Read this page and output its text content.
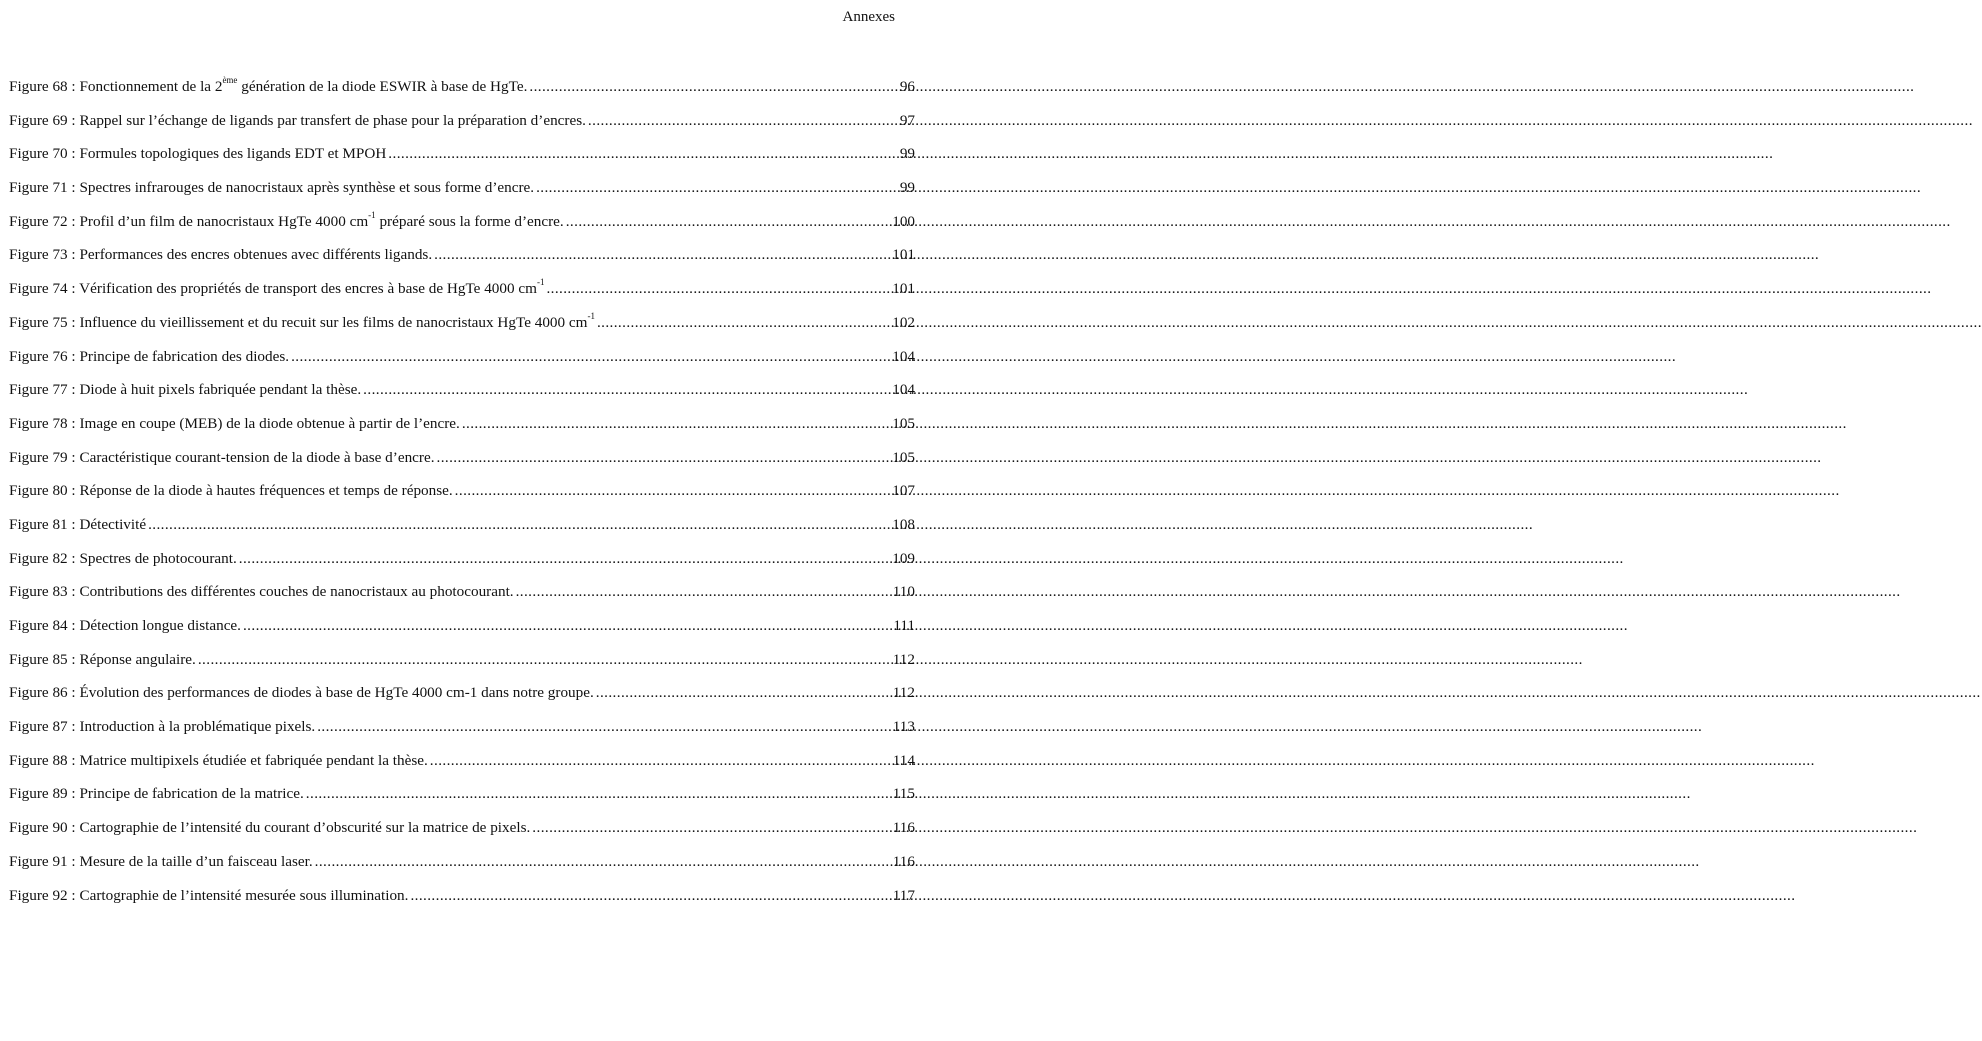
Annexes
Figure 68 : Fonctionnement de la 2ème génération de la diode ESWIR à base de HgTe. .....	96
Figure 69 : Rappel sur l’échange de ligands par transfert de phase pour la préparation d’encres. .....	97
Figure 70 : Formules topologiques des ligands EDT et MPOH .....	99
Figure 71 : Spectres infrarouges de nanocristaux après synthèse et sous forme d’encre. .....	99
Figure 72 : Profil d’un film de nanocristaux HgTe 4000 $cm^{-1}$ préparé sous la forme d’encre. .....	100
Figure 73 : Performances des encres obtenues avec différents ligands. .....	101
Figure 74 : Vérification des propriétés de transport des encres à base de HgTe 4000 $cm^{-1}$ .....	101
Figure 75 : Influence du vieillissement et du recuit sur les films de nanocristaux HgTe 4000 $cm^{-1}$ .....	102
Figure 76 : Principe de fabrication des diodes. .....	104
Figure 77 : Diode à huit pixels fabriquée pendant la thèse. .....	104
Figure 78 : Image en coupe (MEB) de la diode obtenue à partir de l’encre. .....	105
Figure 79 : Caractéristique courant-tension de la diode à base d’encre. .....	105
Figure 80 : Réponse de la diode à hautes fréquences et temps de réponse. .....	107
Figure 81 : Détectivité .....	108
Figure 82 : Spectres de photocourant. .....	109
Figure 83 : Contributions des différentes couches de nanocristaux au photocourant. .....	110
Figure 84 : Détection longue distance. .....	111
Figure 85 : Réponse angulaire. .....	112
Figure 86 : Évolution des performances de diodes à base de HgTe 4000 cm-1 dans notre groupe. .....	112
Figure 87 : Introduction à la problématique pixels. .....	113
Figure 88 : Matrice multipixels étudiée et fabriquée pendant la thèse. .....	114
Figure 89 : Principe de fabrication de la matrice. .....	115
Figure 90 : Cartographie de l’intensité du courant d’obscurité sur la matrice de pixels. .....	116
Figure 91 : Mesure de la taille d’un faisceau laser. .....	116
Figure 92 : Cartographie de l’intensité mesurée sous illumination. .....	117
